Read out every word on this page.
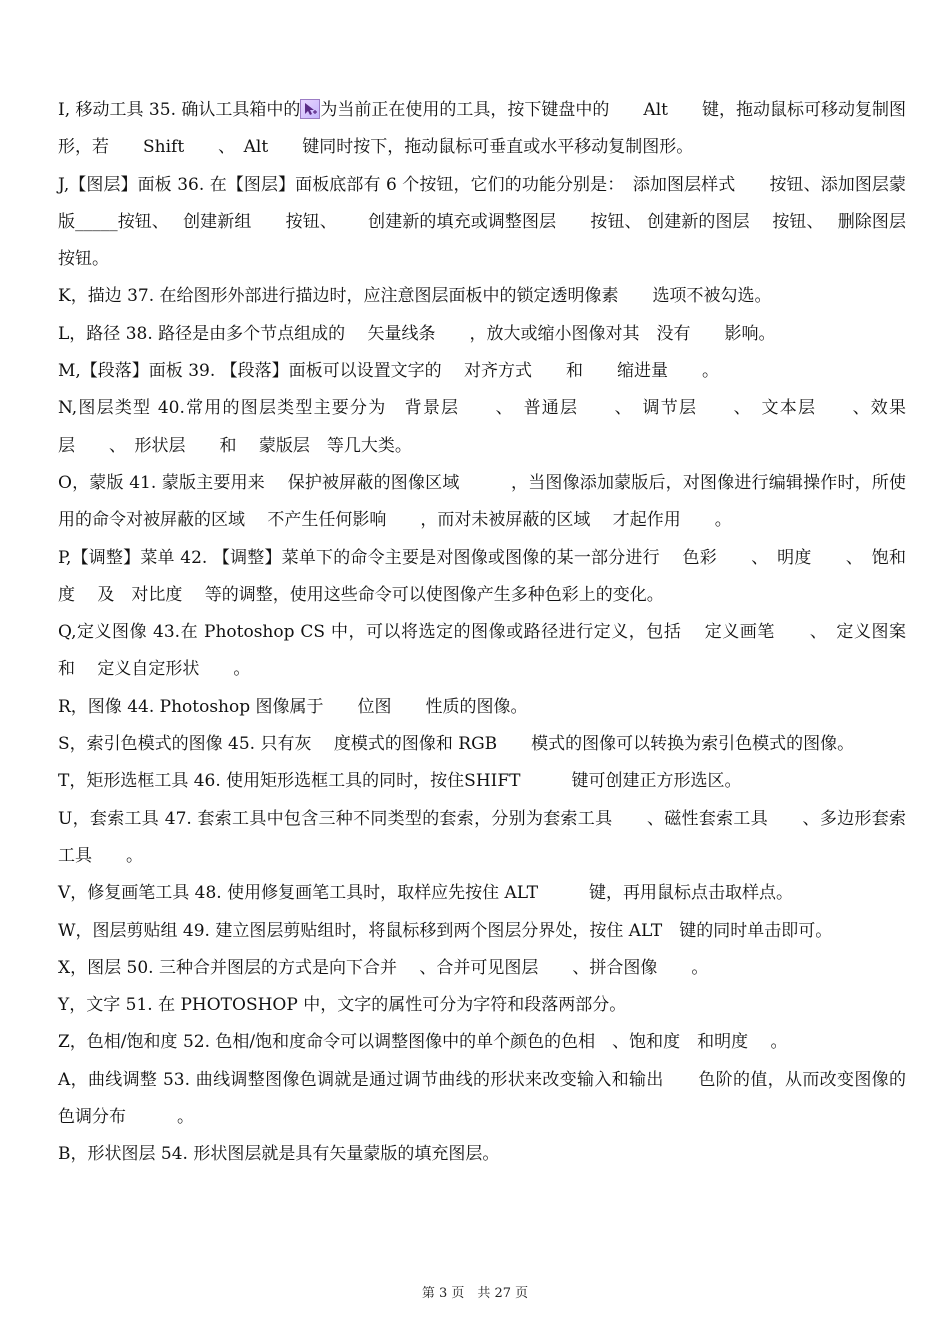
I, 移动工具 35. 确认工具箱中的 为当前正在使用的工具，按下键盘中的　　Alt　　键，拖动鼠标可移动复制图形，若　　Shift　　、　Alt　　键同时按下，拖动鼠标可垂直或水平移动复制图形。

J,【图层】面板 36. 在【图层】面板底部有 6 个按钮，它们的功能分别是：　添加图层样式　　按钮、添加图层蒙版_____按钮、　 创建新组　　按钮、　　 创建新的填充或调整图层　　按钮、 创建新的图层　 按钮、　 删除图层　　按钮。

K，描边 37. 在给图形外部进行描边时，应注意图层面板中的锁定透明像素　　选项不被勾选。

L，路径 38. 路径是由多个节点组成的　 矢量线条　　，放大或缩小图像对其　没有　　影响。

M,【段落】面板 39. 【段落】面板可以设置文字的　 对齐方式　　和　　缩进量　　。

N,图层类型 40.常用的图层类型主要分为　背景层　　、　普通层　　、　调节层　　、　文本层　　、效果层　　、　形状层　　和　 蒙版层　等几大类。

O，蒙版 41. 蒙版主要用来　 保护被屏蔽的图像区域　　　，当图像添加蒙版后，对图像进行编辑操作时，所使用的命令对被屏蔽的区域　 不产生任何影响　　，而对未被屏蔽的区域　 才起作用　　。

P,【调整】菜单 42. 【调整】菜单下的命令主要是对图像或图像的某一部分进行　 色彩　　、　明度　　、　饱和度　 及　对比度　 等的调整，使用这些命令可以使图像产生多种色彩上的变化。

Q,定义图像 43.在 Photoshop CS 中，可以将选定的图像或路径进行定义，包括　 定义画笔　　、　定义图案　 和　 定义自定形状　　。

R，图像 44. Photoshop 图像属于　　位图　　性质的图像。

S，索引色模式的图像 45. 只有灰　 度模式的图像和 RGB　　模式的图像可以转换为索引色模式的图像。

T，矩形选框工具 46. 使用矩形选框工具的同时，按住SHIFT　　　键可创建正方形选区。

U，套索工具 47. 套索工具中包含三种不同类型的套索，分别为套索工具　　、磁性套索工具　　、多边形套索工具　　。

V，修复画笔工具 48. 使用修复画笔工具时，取样应先按住 ALT　　　键，再用鼠标点击取样点。

W，图层剪贴组 49. 建立图层剪贴组时，将鼠标移到两个图层分界处，按住 ALT　键的同时单击即可。

X，图层 50. 三种合并图层的方式是向下合并　 、合并可见图层　　、拼合图像　　。

Y，文字 51. 在 PHOTOSHOP 中，文字的属性可分为字符和段落两部分。

Z，色相/饱和度 52. 色相/饱和度命令可以调整图像中的单个颜色的色相　、饱和度　和明度　 。

A，曲线调整 53. 曲线调整图像色调就是通过调节曲线的形状来改变输入和输出　　色阶的值，从而改变图像的色调分布　　　。

B，形状图层 54. 形状图层就是具有矢量蒙版的填充图层。

第 3 页　共 27 页
